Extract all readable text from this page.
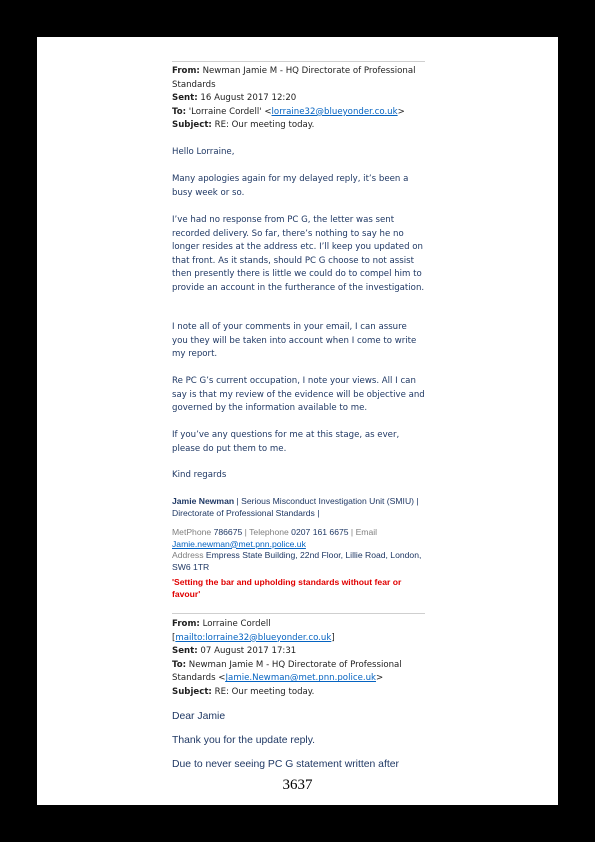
From: Newman Jamie M - HQ Directorate of Professional Standards

Sent: 16 August 2017 12:20

To: 'Lorraine Cordell' <lorraine32@blueyonder.co.uk>

Subject: RE: Our meeting today.

Hello Lorraine,

Many apologies again for my delayed reply, it’s been a busy week or so.

I’ve had no response from PC G, the letter was sent recorded delivery. So far, there’s nothing to say he no longer resides at the address etc. I’ll keep you updated on that front. As it stands, should PC G choose to not assist then presently there is little we could do to compel him to provide an account in the furtherance of the investigation.

I note all of your comments in your email, I can assure you they will be taken into account when I come to write my report.

Re PC G’s current occupation, I note your views. All I can say is that my review of the evidence will be objective and governed by the information available to me.

If you’ve any questions for me at this stage, as ever, please do put them to me.

Kind regards

Jamie Newman | Serious Misconduct Investigation Unit (SMIU) | Directorate of Professional Standards |

MetPhone 786675 | Telephone 0207 161 6675 | Email Jamie.newman@met.pnn.police.uk

Address Empress State Building, 22nd Floor, Lillie Road, London, SW6 1TR

'Setting the bar and upholding standards without fear or favour'

From: Lorraine Cordell

[mailto:lorraine32@blueyonder.co.uk]

Sent: 07 August 2017 17:31

To: Newman Jamie M - HQ Directorate of Professional Standards <Jamie.Newman@met.pnn.police.uk>

Subject: RE: Our meeting today.

Dear Jamie

Thank you for the update reply.

Due to never seeing PC G statement written after

3637
